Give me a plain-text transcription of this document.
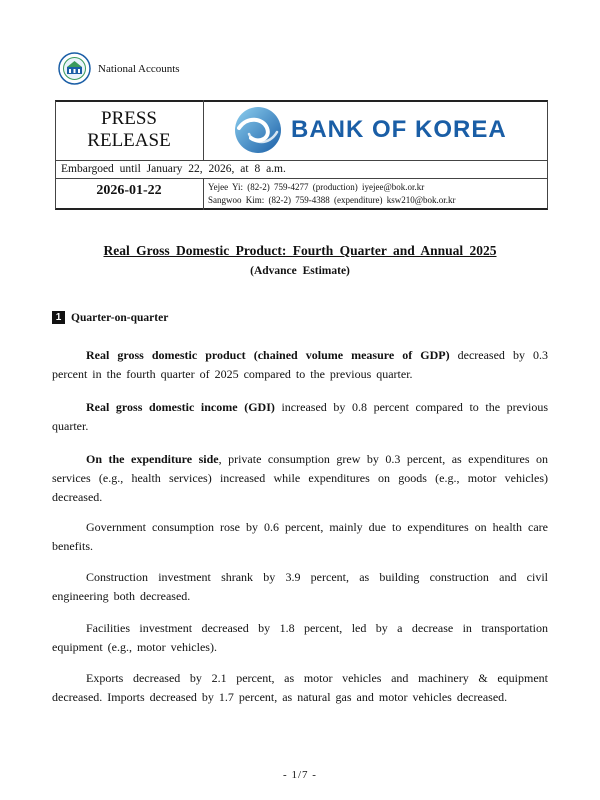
National Accounts
PRESS
RELEASE	BANK OF KOREA
Embargoed until January 22, 2026, at 8 a.m.
2026-01-22	Yejee Yi: (82-2) 759-4277 (production) iyejee@bok.or.kr
Sangwoo Kim: (82-2) 759-4388 (expenditure) ksw210@bok.or.kr
Real Gross Domestic Product: Fourth Quarter and Annual 2025
(Advance Estimate)
1 Quarter-on-quarter
Real gross domestic product (chained volume measure of GDP) decreased by 0.3 percent in the fourth quarter of 2025 compared to the previous quarter.
Real gross domestic income (GDI) increased by 0.8 percent compared to the previous quarter.
On the expenditure side, private consumption grew by 0.3 percent, as expenditures on services (e.g., health services) increased while expenditures on goods (e.g., motor vehicles) decreased.
Government consumption rose by 0.6 percent, mainly due to expenditures on health care benefits.
Construction investment shrank by 3.9 percent, as building construction and civil engineering both decreased.
Facilities investment decreased by 1.8 percent, led by a decrease in transportation equipment (e.g., motor vehicles).
Exports decreased by 2.1 percent, as motor vehicles and machinery & equipment decreased. Imports decreased by 1.7 percent, as natural gas and motor vehicles decreased.
- 1/7 -
